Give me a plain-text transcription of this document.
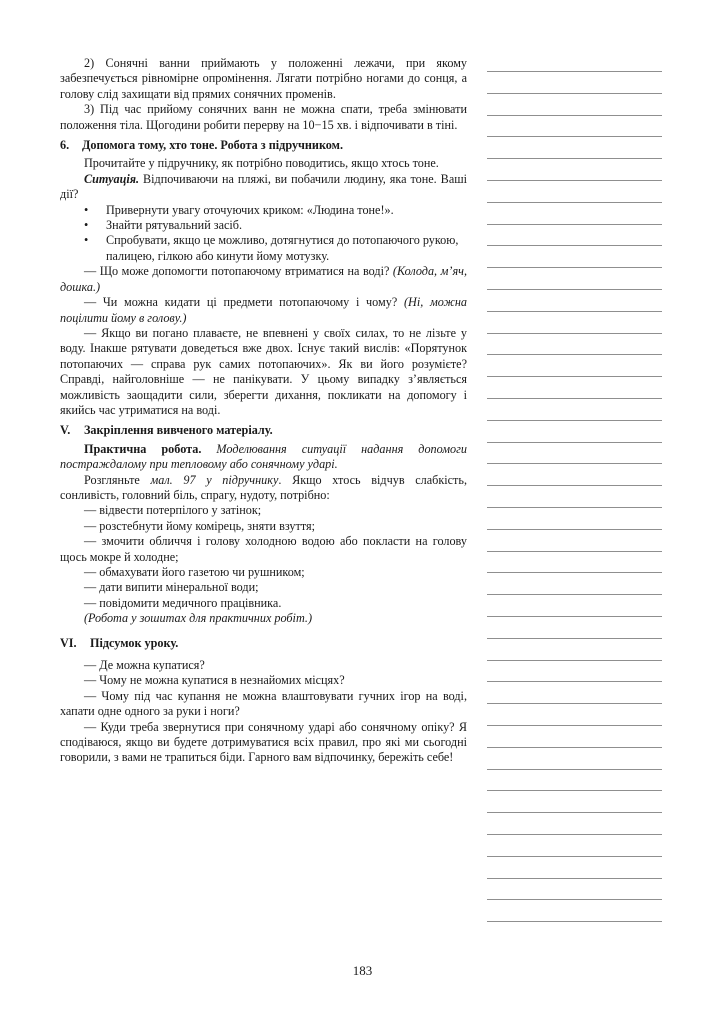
2) Сонячні ванни приймають у положенні лежачи, при якому забезпечується рівномірне опромінення. Лягати потрібно ногами до сонця, а голову слід захищати від прямих сонячних променів.

3) Під час прийому сонячних ванн не можна спати, треба змінювати положення тіла. Щогодини робити перерву на 10−15 хв. і відпочивати в тіні.

6. Допомога тому, хто тоне. Робота з підручником.

Прочитайте у підручнику, як потрібно поводитись, якщо хтось тоне.

Ситуація. Відпочиваючи на пляжі, ви побачили людину, яка тоне. Ваші дії?

• Привернути увагу оточуючих криком: «Людина тоне!».
• Знайти рятувальний засіб.
• Спробувати, якщо це можливо, дотягнутися до потопаючого рукою, палицею, гілкою або кинути йому мотузку.

— Що може допомогти потопаючому втриматися на воді? (Колода, м’яч, дошка.)

— Чи можна кидати ці предмети потопаючому і чому? (Ні, можна поцілити йому в голову.)

— Якщо ви погано плаваєте, не впевнені у своїх силах, то не лізьте у воду. Інакше рятувати доведеться вже двох. Існує такий вислів: «Порятунок потопаючих — справа рук самих потопаючих». Як ви його розумієте? Справді, найголовніше — не панікувати. У цьому випадку з’являється можливість заощадити сили, зберегти дихання, покликати на допомогу і якийсь час утриматися на воді.

V. Закріплення вивченого матеріалу.

Практична робота. Моделювання ситуації надання допомоги постраждалому при тепловому або сонячному ударі.

Розгляньте мал. 97 у підручнику. Якщо хтось відчув слабкість, сонливість, головний біль, спрагу, нудоту, потрібно:

— відвести потерпілого у затінок;

— розстебнути йому комірець, зняти взуття;

— змочити обличчя і голову холодною водою або покласти на голову щось мокре й холодне;

— обмахувати його газетою чи рушником;

— дати випити мінеральної води;

— повідомити медичного працівника.

(Робота у зошитах для практичних робіт.)

VI. Підсумок уроку.

— Де можна купатися?

— Чому не можна купатися в незнайомих місцях?

— Чому під час купання не можна влаштовувати гучних ігор на воді, хапати одне одного за руки і ноги?

— Куди треба звернутися при сонячному ударі або сонячному опіку? Я сподіваюся, якщо ви будете дотримуватися всіх правил, про які ми сьогодні говорили, з вами не трапиться біди. Гарного вам відпочинку, бережіть себе!

183
